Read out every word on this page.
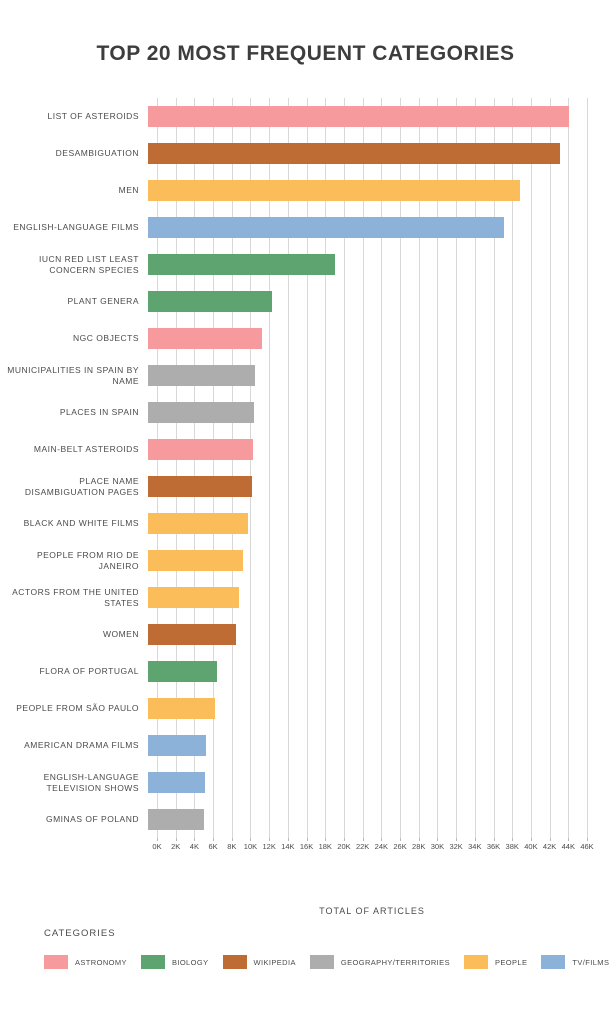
TOP 20 MOST FREQUENT CATEGORIES
LIST OF ASTEROIDS
DESAMBIGUATION
MEN
ENGLISH-LANGUAGE FILMS
IUCN RED LIST LEAST CONCERN SPECIES
PLANT GENERA
NGC OBJECTS
MUNICIPALITIES IN SPAIN BY NAME
PLACES IN SPAIN
MAIN-BELT ASTEROIDS
PLACE NAME DISAMBIGUATION PAGES
BLACK AND WHITE FILMS
PEOPLE FROM RIO DE JANEIRO
ACTORS FROM THE UNITED STATES
WOMEN
FLORA OF PORTUGAL
PEOPLE FROM SÃO PAULO
AMERICAN DRAMA FILMS
ENGLISH-LANGUAGE TELEVISION SHOWS
GMINAS OF POLAND
0K 2K 4K 6K 8K 10K 12K 14K 16K 18K 20K 22K 24K 26K 28K 30K 32K 34K 36K 38K 40K 42K 44K 46K
TOTAL OF ARTICLES
CATEGORIES
ASTRONOMY	BIOLOGY	WIKIPEDIA	GEOGRAPHY/TERRITORIES	PEOPLE	TV/FILMS
